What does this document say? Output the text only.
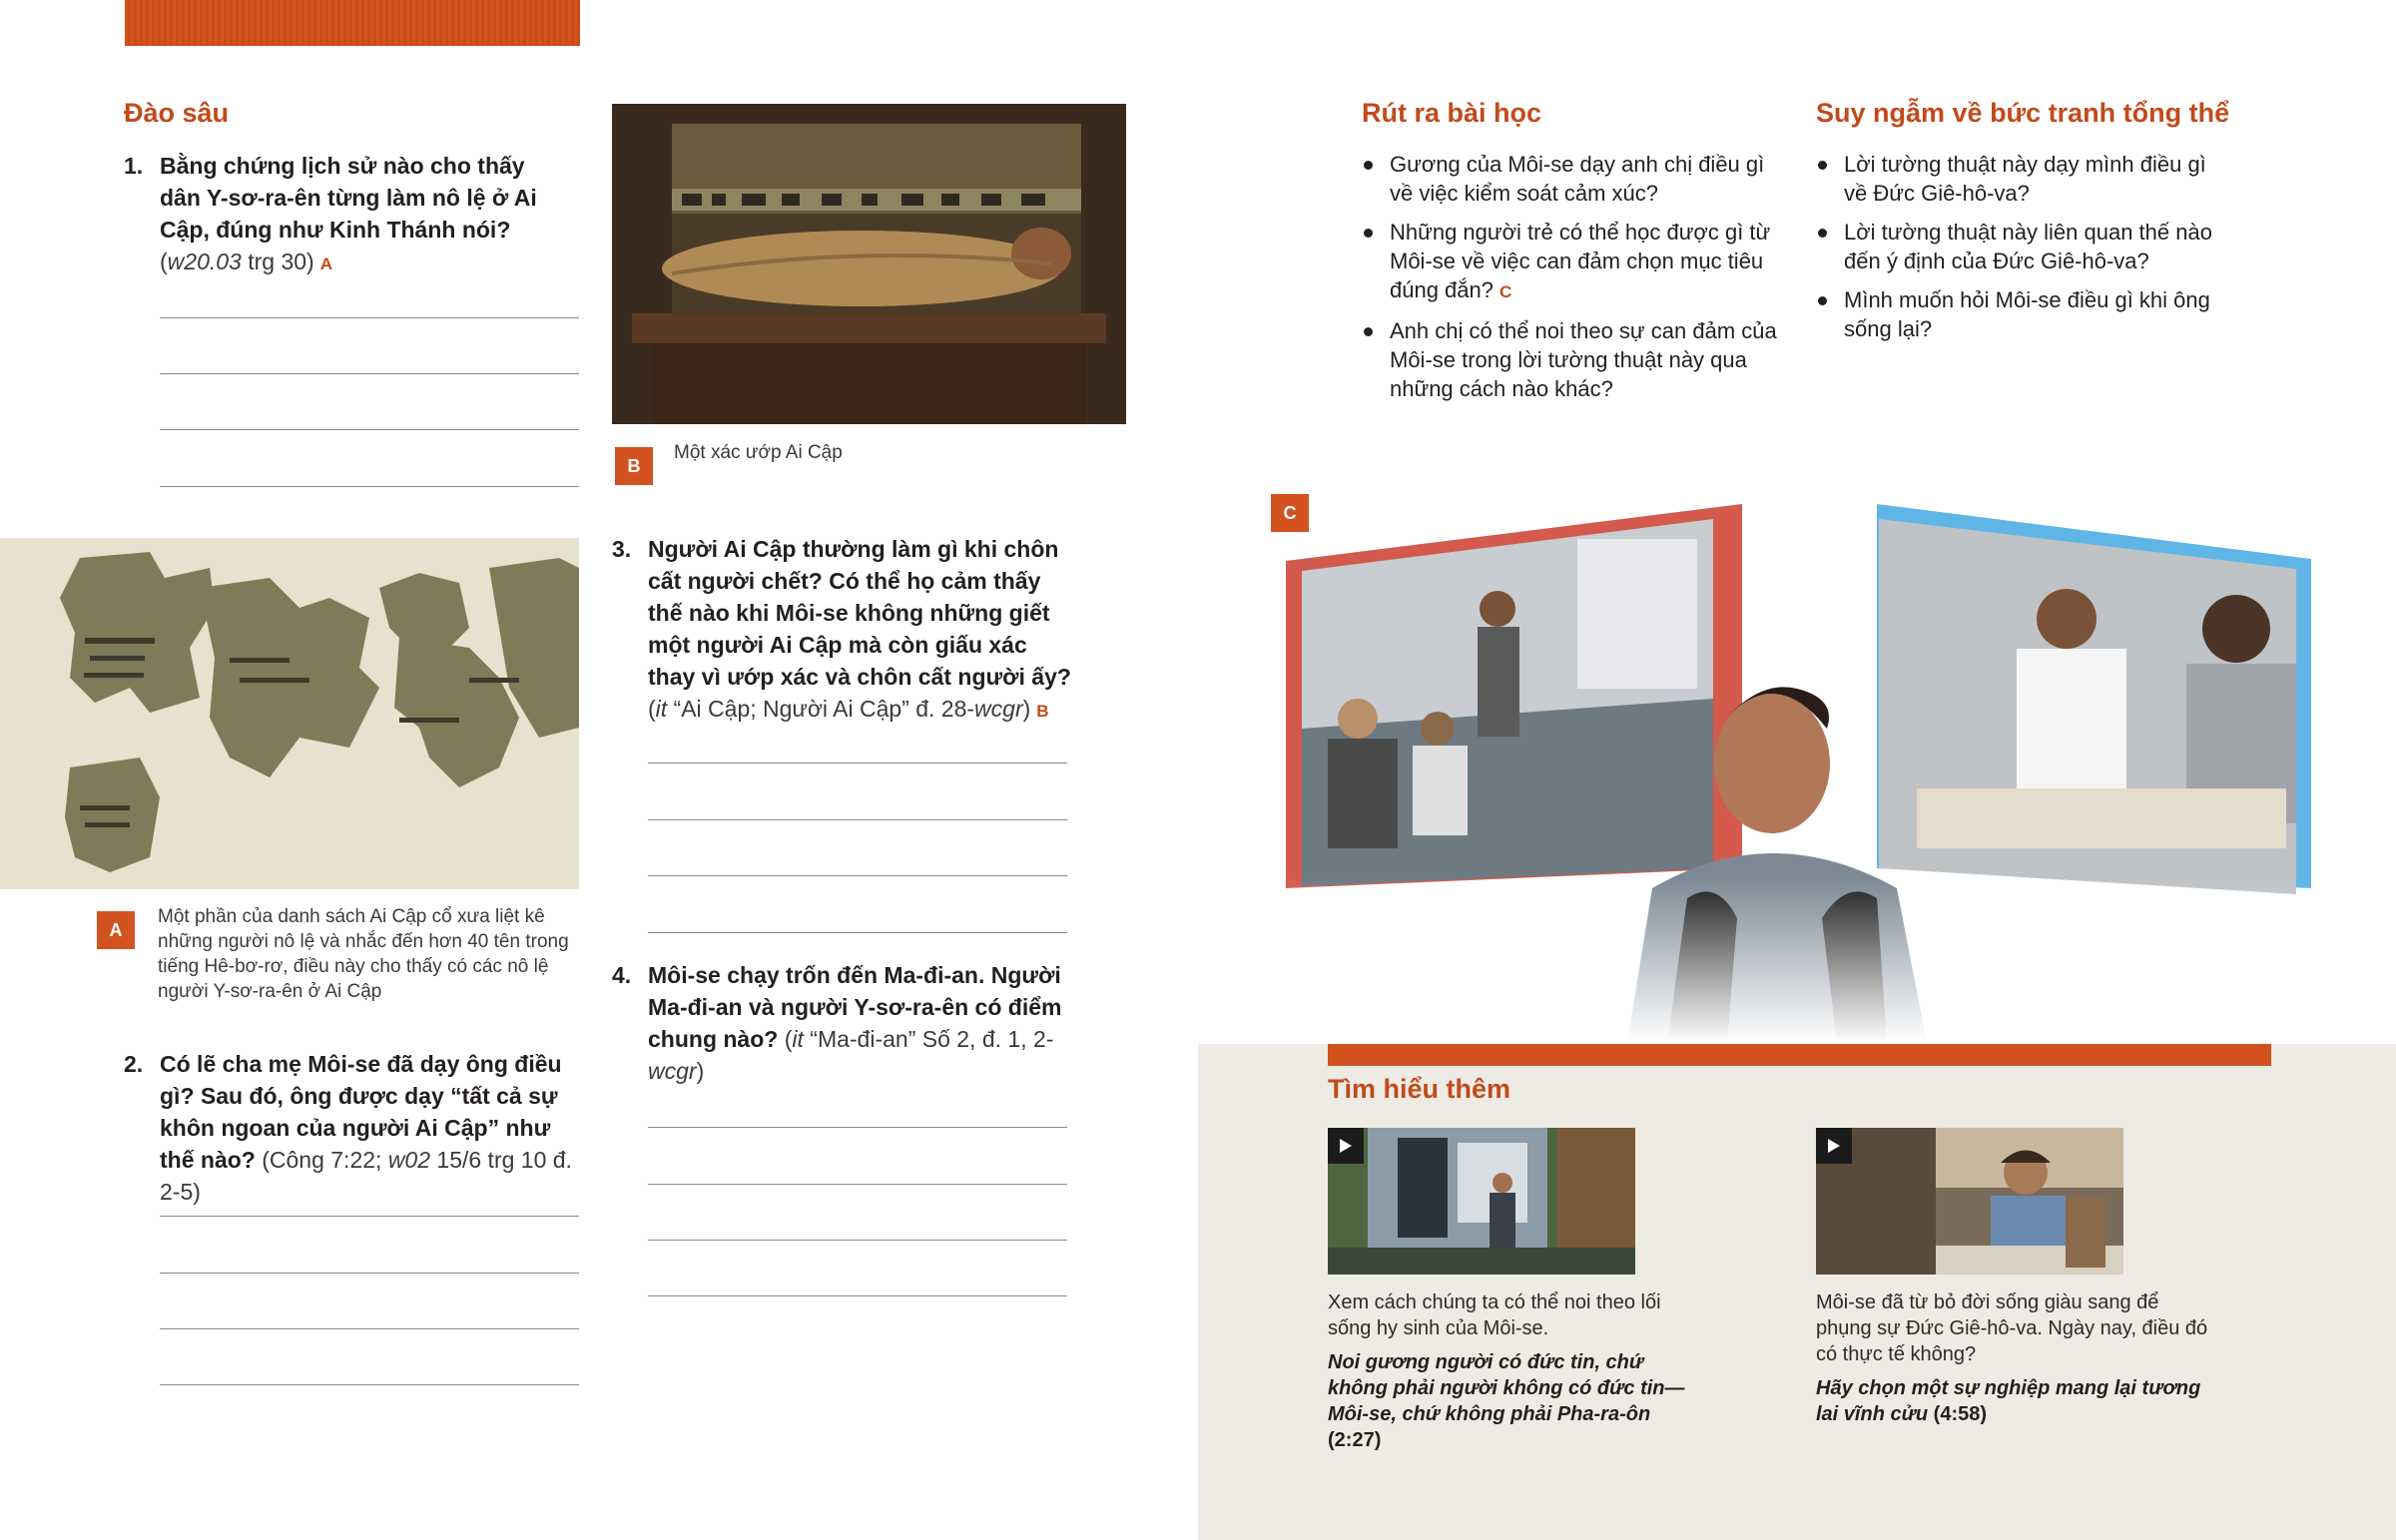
Đào sâu
1. Bằng chứng lịch sử nào cho thấy dân Y-sơ-ra-ên từng làm nô lệ ở Ai Cập, đúng như Kinh Thánh nói? (w20.03 trg 30) A
A
Một phần của danh sách Ai Cập cổ xưa liệt kê những người nô lệ và nhắc đến hơn 40 tên trong tiếng Hê-bơ-rơ, điều này cho thấy có các nô lệ người Y-sơ-ra-ên ở Ai Cập
2. Có lẽ cha mẹ Môi-se đã dạy ông điều gì? Sau đó, ông được dạy “tất cả sự khôn ngoan của người Ai Cập” như thế nào? (Công 7:22; w02 15/6 trg 10 đ. 2-5)
B
Một xác ướp Ai Cập
3. Người Ai Cập thường làm gì khi chôn cất người chết? Có thể họ cảm thấy thế nào khi Môi-se không những giết một người Ai Cập mà còn giấu xác thay vì ướp xác và chôn cất người ấy? (it “Ai Cập; Người Ai Cập” đ. 28-wcgr) B
4. Môi-se chạy trốn đến Ma-đi-an. Người Ma-đi-an và người Y-sơ-ra-ên có điểm chung nào? (it “Ma-đi-an” Số 2, đ. 1, 2-wcgr)
Rút ra bài học
Gương của Môi-se dạy anh chị điều gì về việc kiểm soát cảm xúc?
Những người trẻ có thể học được gì từ Môi-se về việc can đảm chọn mục tiêu đúng đắn? C
Anh chị có thể noi theo sự can đảm của Môi-se trong lời tường thuật này qua những cách nào khác?
Suy ngẫm về bức tranh tổng thể
Lời tường thuật này dạy mình điều gì về Đức Giê-hô-va?
Lời tường thuật này liên quan thế nào đến ý định của Đức Giê-hô-va?
Mình muốn hỏi Môi-se điều gì khi ông sống lại?
C
Tìm hiểu thêm
Xem cách chúng ta có thể noi theo lối sống hy sinh của Môi-se.
Noi gương người có đức tin, chứ không phải người không có đức tin—Môi-se, chứ không phải Pha-ra-ôn (2:27)
Môi-se đã từ bỏ đời sống giàu sang để phụng sự Đức Giê-hô-va. Ngày nay, điều đó có thực tế không?
Hãy chọn một sự nghiệp mang lại tương lai vĩnh cửu (4:58)
